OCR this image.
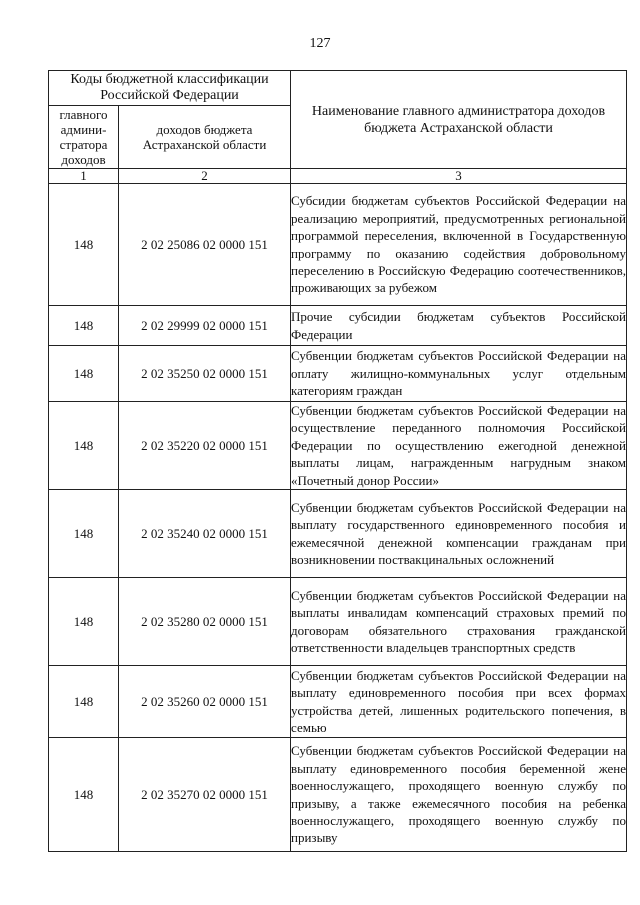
127
Коды бюджетной классификации Российской Федерации		Наименование главного администратора доходов бюджета Астраханской области
главного админи-стратора доходов	доходов бюджета Астраханской области	
1	2	3
148	2 02 25086 02 0000 151	Субсидии бюджетам субъектов Российской Федерации на реализацию мероприятий, предусмотренных региональной программой переселения, включенной в Государственную программу по оказанию содействия добровольному переселению в Российскую Федерацию соотечественников, проживающих за рубежом
148	2 02 29999 02 0000 151	Прочие субсидии бюджетам субъектов Российской Федерации
148	2 02 35250 02 0000 151	Субвенции бюджетам субъектов Российской Федерации на оплату жилищно-коммунальных услуг отдельным категориям граждан
148	2 02 35220 02 0000 151	Субвенции бюджетам субъектов Российской Федерации на осуществление переданного полномочия Российской Федерации по осуществлению ежегодной денежной выплаты лицам, награжденным нагрудным знаком «Почетный донор России»
148	2 02 35240 02 0000 151	Субвенции бюджетам субъектов Российской Федерации на выплату государственного единовременного пособия и ежемесячной денежной компенсации гражданам при возникновении поствакцинальных осложнений
148	2 02 35280 02 0000 151	Субвенции бюджетам субъектов Российской Федерации на выплаты инвалидам компенсаций страховых премий по договорам обязательного страхования гражданской ответственности владельцев транспортных средств
148	2 02 35260 02 0000 151	Субвенции бюджетам субъектов Российской Федерации на выплату единовременного пособия при всех формах устройства детей, лишенных родительского попечения, в семью
148	2 02 35270 02 0000 151	Субвенции бюджетам субъектов Российской Федерации на выплату единовременного пособия беременной жене военнослужащего, проходящего военную службу по призыву, а также ежемесячного пособия на ребенка военнослужащего, проходящего военную службу по призыву
